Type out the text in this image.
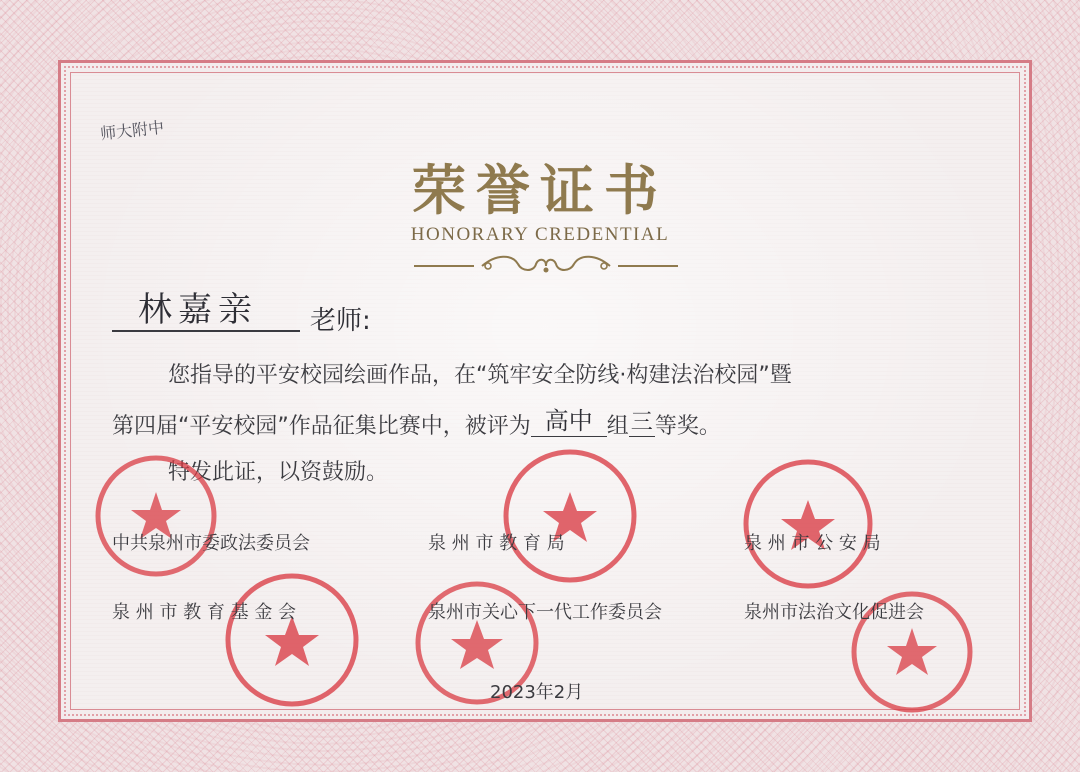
师大附中
荣誉证书
HONORARY CREDENTIAL
林嘉亲 老师:
您指导的平安校园绘画作品，在“筑牢安全防线·构建法治校园”暨
第四届“平安校园”作品征集比赛中，被评为 高中 组三等奖。
特发此证，以资鼓励。
中共泉州市委政法委员会	泉 州 市 教 育 局	泉 州 市 公 安 局
泉 州 市 教 育 基 金 会	泉州市关心下一代工作委员会	泉州市法治文化促进会
2023年2月
